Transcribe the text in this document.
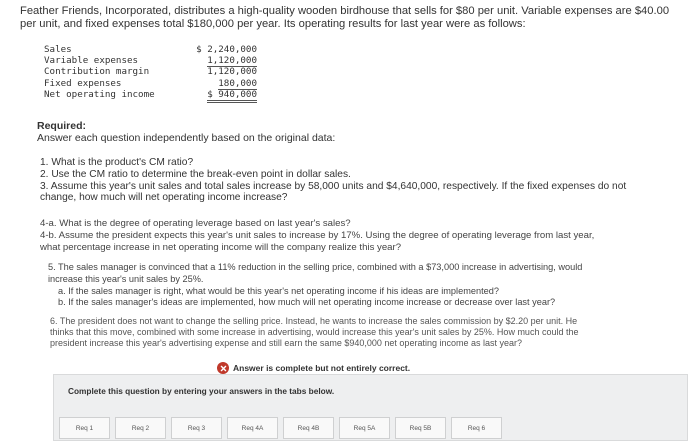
Feather Friends, Incorporated, distributes a high-quality wooden birdhouse that sells for $80 per unit. Variable expenses are $40.00
per unit, and fixed expenses total $180,000 per year. Its operating results for last year were as follows:
Sales	$ 2,240,000
Variable expenses	1,120,000
Contribution margin	1,120,000
Fixed expenses	180,000
Net operating income	$ 940,000
Required:
Answer each question independently based on the original data:
1. What is the product's CM ratio?
2. Use the CM ratio to determine the break-even point in dollar sales.
3. Assume this year's unit sales and total sales increase by 58,000 units and $4,640,000, respectively. If the fixed expenses do not
change, how much will net operating income increase?
4-a. What is the degree of operating leverage based on last year's sales?
4-b. Assume the president expects this year's unit sales to increase by 17%. Using the degree of operating leverage from last year,
what percentage increase in net operating income will the company realize this year?
5. The sales manager is convinced that a 11% reduction in the selling price, combined with a $73,000 increase in advertising, would
increase this year's unit sales by 25%.
a. If the sales manager is right, what would be this year's net operating income if his ideas are implemented?
b. If the sales manager's ideas are implemented, how much will net operating income increase or decrease over last year?
6. The president does not want to change the selling price. Instead, he wants to increase the sales commission by $2.20 per unit. He
thinks that this move, combined with some increase in advertising, would increase this year's unit sales by 25%. How much could the
president increase this year's advertising expense and still earn the same $940,000 net operating income as last year?
Answer is complete but not entirely correct.
Complete this question by entering your answers in the tabs below.
Req 1	Req 2	Req 3	Req 4A	Req 4B	Req 5A	Req 5B	Req 6
